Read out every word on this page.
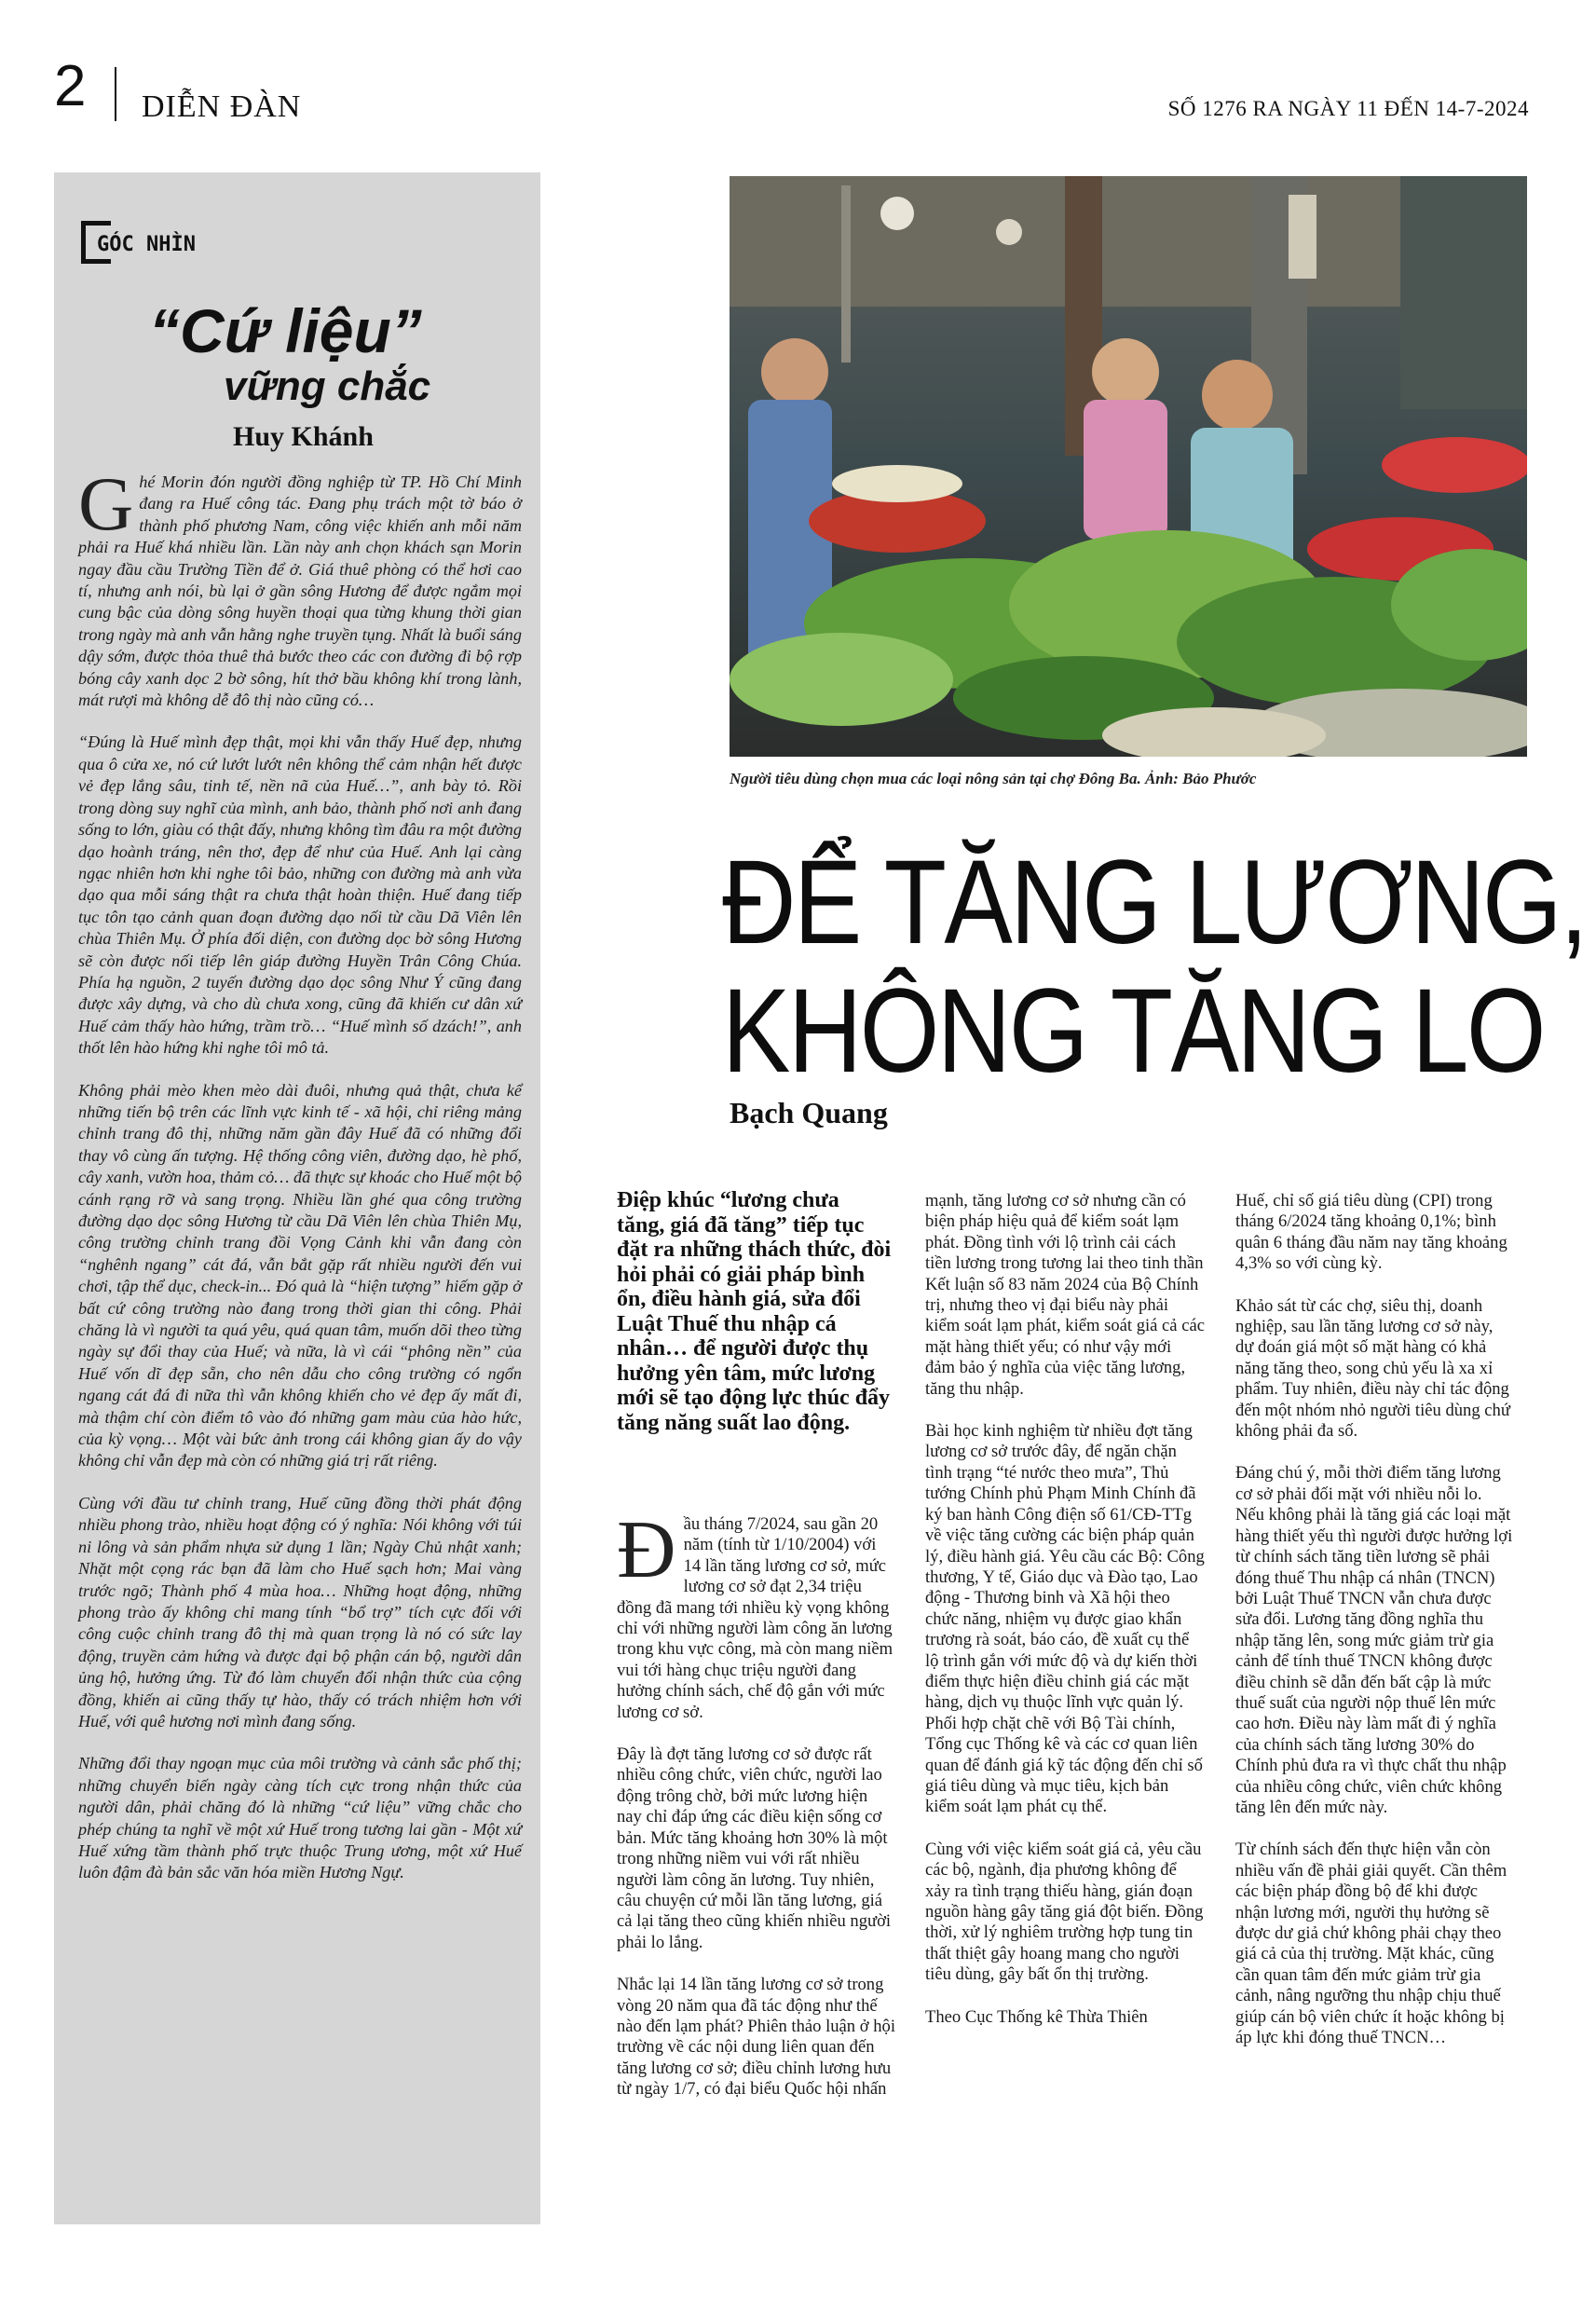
2 DIỄN ĐÀN	SỐ 1276 RA NGÀY 11 ĐẾN 14-7-2024
GÓC NHÌN
“Cứ liệu”
vững chắc
Huy Khánh

Ghé Morin đón người đồng nghiệp từ TP. Hồ Chí Minh đang ra Huế công tác. Đang phụ trách một tờ báo ở thành phố phương Nam, công việc khiến anh mỗi năm phải ra Huế khá nhiều lần. Lần này anh chọn khách sạn Morin ngay đầu cầu Trường Tiền để ở. Giá thuê phòng có thể hơi cao tí, nhưng anh nói, bù lại ở gần sông Hương để được ngắm mọi cung bậc của dòng sông huyền thoại qua từng khung thời gian trong ngày mà anh vẫn hằng nghe truyền tụng. Nhất là buổi sáng dậy sớm, được thỏa thuê thả bước theo các con đường đi bộ rợp bóng cây xanh dọc 2 bờ sông, hít thở bầu không khí trong lành, mát rượi mà không dễ đô thị nào cũng có…

“Đúng là Huế mình đẹp thật, mọi khi vẫn thấy Huế đẹp, nhưng qua ô cửa xe, nó cứ lướt lướt nên không thể cảm nhận hết được vẻ đẹp lắng sâu, tinh tế, nền nã của Huế…”, anh bày tỏ. Rồi trong dòng suy nghĩ của mình, anh bảo, thành phố nơi anh đang sống to lớn, giàu có thật đấy, nhưng không tìm đâu ra một đường dạo hoành tráng, nên thơ, đẹp để như của Huế. Anh lại càng ngạc nhiên hơn khi nghe tôi bảo, những con đường mà anh vừa dạo qua mỗi sáng thật ra chưa thật hoàn thiện. Huế đang tiếp tục tôn tạo cảnh quan đoạn đường dạo nối từ cầu Dã Viên lên chùa Thiên Mụ. Ở phía đối diện, con đường dọc bờ sông Hương sẽ còn được nối tiếp lên giáp đường Huyền Trân Công Chúa. Phía hạ nguồn, 2 tuyến đường dạo dọc sông Như Ý cũng đang được xây dựng, và cho dù chưa xong, cũng đã khiến cư dân xứ Huế cảm thấy hào hứng, trầm trồ… “Huế mình số dzách!”, anh thốt lên hào hứng khi nghe tôi mô tả.

Không phải mèo khen mèo dài đuôi, nhưng quả thật, chưa kể những tiến bộ trên các lĩnh vực kinh tế - xã hội, chỉ riêng mảng chỉnh trang đô thị, những năm gần đây Huế đã có những đổi thay vô cùng ấn tượng. Hệ thống công viên, đường dạo, hè phố, cây xanh, vườn hoa, thảm cỏ… đã thực sự khoác cho Huế một bộ cánh rạng rỡ và sang trọng. Nhiều lần ghé qua công trường đường dạo dọc sông Hương từ cầu Dã Viên lên chùa Thiên Mụ, công trường chỉnh trang đồi Vọng Cảnh khi vẫn đang còn “nghênh ngang” cát đá, vẫn bắt gặp rất nhiều người đến vui chơi, tập thể dục, check-in... Đó quả là “hiện tượng” hiếm gặp ở bất cứ công trường nào đang trong thời gian thi công. Phải chăng là vì người ta quá yêu, quá quan tâm, muốn dõi theo từng ngày sự đổi thay của Huế; và nữa, là vì cái “phông nền” của Huế vốn dĩ đẹp sẵn, cho nên dẫu cho công trường có ngổn ngang cát đá đi nữa thì vẫn không khiến cho vẻ đẹp ấy mất đi, mà thậm chí còn điểm tô vào đó những gam màu của hào hức, của kỳ vọng… Một vài bức ảnh trong cái không gian ấy do vậy không chỉ vẫn đẹp mà còn có những giá trị rất riêng.

Cùng với đầu tư chỉnh trang, Huế cũng đồng thời phát động nhiều phong trào, nhiều hoạt động có ý nghĩa: Nói không với túi ni lông và sản phẩm nhựa sử dụng 1 lần; Ngày Chủ nhật xanh; Nhặt một cọng rác bạn đã làm cho Huế sạch hơn; Mai vàng trước ngõ; Thành phố 4 mùa hoa… Những hoạt động, những phong trào ấy không chỉ mang tính “bổ trợ” tích cực đối với công cuộc chỉnh trang đô thị mà quan trọng là nó có sức lay động, truyền cảm hứng và được đại bộ phận cán bộ, người dân ủng hộ, hưởng ứng. Từ đó làm chuyển đổi nhận thức của cộng đồng, khiến ai cũng thấy tự hào, thấy có trách nhiệm hơn với Huế, với quê hương nơi mình đang sống.

Những đổi thay ngoạn mục của môi trường và cảnh sắc phố thị; những chuyển biến ngày càng tích cực trong nhận thức của người dân, phải chăng đó là những “cứ liệu” vững chắc cho phép chúng ta nghĩ về một xứ Huế trong tương lai gần - Một xứ Huế xứng tầm thành phố trực thuộc Trung ương, một xứ Huế luôn đậm đà bản sắc văn hóa miền Hương Ngự.

Người tiêu dùng chọn mua các loại nông sản tại chợ Đông Ba. Ảnh: Bảo Phước
ĐỂ TĂNG LƯƠNG,
KHÔNG TĂNG LO
Bạch Quang
Điệp khúc “lương chưa tăng, giá đã tăng” tiếp tục đặt ra những thách thức, đòi hỏi phải có giải pháp bình ổn, điều hành giá, sửa đổi Luật Thuế thu nhập cá nhân… để người được thụ hưởng yên tâm, mức lương mới sẽ tạo động lực thúc đẩy tăng năng suất lao động.

Đầu tháng 7/2024, sau gần 20 năm (tính từ 1/10/2004) với 14 lần tăng lương cơ sở, mức lương cơ sở đạt 2,34 triệu đồng đã mang tới nhiều kỳ vọng không chỉ với những người làm công ăn lương trong khu vực công, mà còn mang niềm vui tới hàng chục triệu người đang hưởng chính sách, chế độ gắn với mức lương cơ sở.

Đây là đợt tăng lương cơ sở được rất nhiều công chức, viên chức, người lao động trông chờ, bởi mức lương hiện nay chỉ đáp ứng các điều kiện sống cơ bản. Mức tăng khoảng hơn 30% là một trong những niềm vui với rất nhiều người làm công ăn lương. Tuy nhiên, câu chuyện cứ mỗi lần tăng lương, giá cả lại tăng theo cũng khiến nhiều người phải lo lắng.

Nhắc lại 14 lần tăng lương cơ sở trong vòng 20 năm qua đã tác động như thế nào đến lạm phát? Phiên thảo luận ở hội trường về các nội dung liên quan đến tăng lương cơ sở; điều chỉnh lương hưu từ ngày 1/7, có đại biểu Quốc hội nhấn

mạnh, tăng lương cơ sở nhưng cần có biện pháp hiệu quả để kiểm soát lạm phát. Đồng tình với lộ trình cải cách tiền lương trong tương lai theo tinh thần Kết luận số 83 năm 2024 của Bộ Chính trị, nhưng theo vị đại biểu này phải kiểm soát lạm phát, kiểm soát giá cả các mặt hàng thiết yếu; có như vậy mới đảm bảo ý nghĩa của việc tăng lương, tăng thu nhập.

Bài học kinh nghiệm từ nhiều đợt tăng lương cơ sở trước đây, để ngăn chặn tình trạng “té nước theo mưa”, Thủ tướng Chính phủ Phạm Minh Chính đã ký ban hành Công điện số 61/CĐ-TTg về việc tăng cường các biện pháp quản lý, điều hành giá. Yêu cầu các Bộ: Công thương, Y tế, Giáo dục và Đào tạo, Lao động - Thương binh và Xã hội theo chức năng, nhiệm vụ được giao khẩn trương rà soát, báo cáo, đề xuất cụ thể lộ trình gắn với mức độ và dự kiến thời điểm thực hiện điều chỉnh giá các mặt hàng, dịch vụ thuộc lĩnh vực quản lý. Phối hợp chặt chẽ với Bộ Tài chính, Tổng cục Thống kê và các cơ quan liên quan để đánh giá kỹ tác động đến chỉ số giá tiêu dùng và mục tiêu, kịch bản kiểm soát lạm phát cụ thể.

Cùng với việc kiểm soát giá cả, yêu cầu các bộ, ngành, địa phương không để xảy ra tình trạng thiếu hàng, gián đoạn nguồn hàng gây tăng giá đột biến. Đồng thời, xử lý nghiêm trường hợp tung tin thất thiệt gây hoang mang cho người tiêu dùng, gây bất ổn thị trường.

Theo Cục Thống kê Thừa Thiên

Huế, chỉ số giá tiêu dùng (CPI) trong tháng 6/2024 tăng khoảng 0,1%; bình quân 6 tháng đầu năm nay tăng khoảng 4,3% so với cùng kỳ.

Khảo sát từ các chợ, siêu thị, doanh nghiệp, sau lần tăng lương cơ sở này, dự đoán giá một số mặt hàng có khả năng tăng theo, song chủ yếu là xa xỉ phẩm. Tuy nhiên, điều này chỉ tác động đến một nhóm nhỏ người tiêu dùng chứ không phải đa số.

Đáng chú ý, mỗi thời điểm tăng lương cơ sở phải đối mặt với nhiều nỗi lo. Nếu không phải là tăng giá các loại mặt hàng thiết yếu thì người được hưởng lợi từ chính sách tăng tiền lương sẽ phải đóng thuế Thu nhập cá nhân (TNCN) bởi Luật Thuế TNCN vẫn chưa được sửa đổi. Lương tăng đồng nghĩa thu nhập tăng lên, song mức giảm trừ gia cảnh để tính thuế TNCN không được điều chỉnh sẽ dẫn đến bất cập là mức thuế suất của người nộp thuế lên mức cao hơn. Điều này làm mất đi ý nghĩa của chính sách tăng lương 30% do Chính phủ đưa ra vì thực chất thu nhập của nhiều công chức, viên chức không tăng lên đến mức này.

Từ chính sách đến thực hiện vẫn còn nhiều vấn đề phải giải quyết. Cần thêm các biện pháp đồng bộ để khi được nhận lương mới, người thụ hưởng sẽ được dư giả chứ không phải chạy theo giá cả của thị trường. Mặt khác, cũng cần quan tâm đến mức giảm trừ gia cảnh, nâng ngưỡng thu nhập chịu thuế giúp cán bộ viên chức ít hoặc không bị áp lực khi đóng thuế TNCN…
